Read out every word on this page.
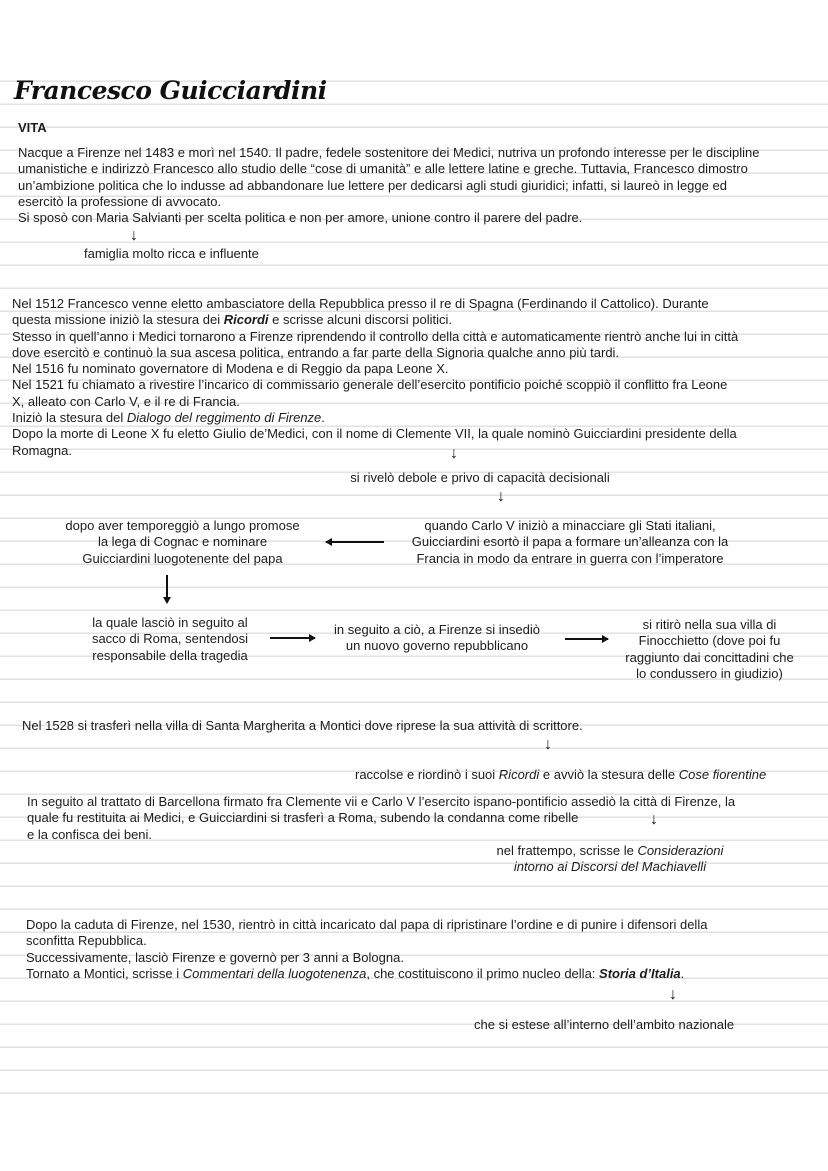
Francesco Guicciardini
VITA

Nacque a Firenze nel 1483 e morì nel 1540. Il padre, fedele sostenitore dei Medici, nutriva un profondo interesse per le discipline

umanistiche e indirizzò Francesco allo studio delle “cose di umanità” e alle lettere latine e greche. Tuttavia, Francesco dimostro

un’ambizione politica che lo indusse ad abbandonare lue lettere per dedicarsi agli studi giuridici; infatti, si laureò in legge ed

esercitò la professione di avvocato.

Si sposò con Maria Salvianti per scelta politica e non per amore, unione contro il parere del padre.

↓
famiglia molto ricca e influente

Nel 1512 Francesco venne eletto ambasciatore della Repubblica presso il re di Spagna (Ferdinando il Cattolico). Durante

questa missione iniziò la stesura dei Ricordi e scrisse alcuni discorsi politici.

Stesso in quell’anno i Medici tornarono a Firenze riprendendo il controllo della città e automaticamente rientrò anche lui in città

dove esercitò e continuò la sua ascesa politica, entrando a far parte della Signoria qualche anno più tardi.

Nel 1516 fu nominato governatore di Modena e di Reggio da papa Leone X.

Nel 1521 fu chiamato a rivestire l’incarico di commissario generale dell’esercito pontificio poiché scoppiò il conflitto fra Leone

X, alleato con Carlo V, e il re di Francia.

Iniziò la stesura del Dialogo del reggimento di Firenze.

Dopo la morte di Leone X fu eletto Giulio de’Medici, con il nome di Clemente VII, la quale nominò Guicciardini presidente della

Romagna.	↓
si rivelò debole e privo di capacità decisionali
↓

quando Carlo V iniziò a minacciare gli Stati italiani,

Guicciardini esortò il papa a formare un’alleanza con la

Francia in modo da entrare in guerra con l’imperatore

dopo aver temporeggiò a lungo promose

la lega di Cognac e nominare

Guicciardini luogotenente del papa

la quale lasciò in seguito al

sacco di Roma, sentendosi

responsabile della tragedia

in seguito a ciò, a Firenze si insediò

un nuovo governo repubblicano

si ritirò nella sua villa di

Finocchietto (dove poi fu

raggiunto dai concittadini che

lo condussero in giudizio)

Nel 1528 si trasferì nella villa di Santa Margherita a Montici dove riprese la sua attività di scrittore.
↓
raccolse e riordinò i suoi Ricordi e avviò la stesura delle Cose fiorentine

In seguito al trattato di Barcellona firmato fra Clemente vii e Carlo V l’esercito ispano-pontificio assediò la città di Firenze, la

quale fu restituita ai Medici, e Guicciardini si trasferì a Roma, subendo la condanna come ribelle

e la confisca dei beni.

↓

nel frattempo, scrisse le Considerazioni

intorno ai Discorsi del Machiavelli

Dopo la caduta di Firenze, nel 1530, rientrò in città incaricato dal papa di ripristinare l’ordine e di punire i difensori della

sconfitta Repubblica.

Successivamente, lasciò Firenze e governò per 3 anni a Bologna.

Tornato a Montici, scrisse i Commentari della luogotenenza, che costituiscono il primo nucleo della: Storia d’Italia.

↓
che si estese all’interno dell’ambito nazionale
